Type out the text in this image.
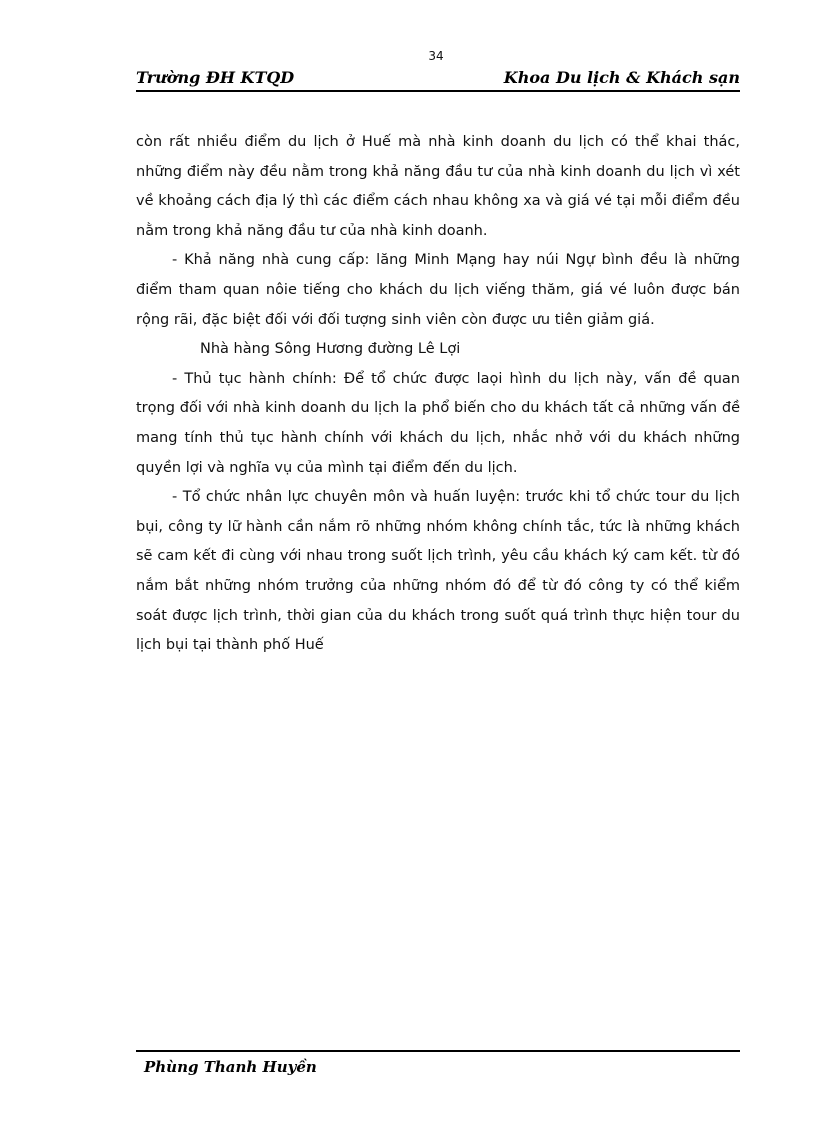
34
Trường ĐH KTQD	Khoa Du lịch & Khách sạn

còn rất nhiều điểm du lịch ở Huế mà nhà kinh doanh du lịch có thể khai thác, những điểm này đều nằm trong khả năng đầu tư của nhà kinh doanh du lịch vì xét về khoảng cách địa lý thì các điểm cách nhau không xa và giá vé tại mỗi điểm đều nằm trong khả năng đầu tư của nhà kinh doanh.

- Khả năng nhà cung cấp: lăng Minh Mạng hay núi Ngự bình đều là những điểm tham quan nôie tiếng cho khách du lịch viếng thăm, giá vé luôn được bán rộng rãi, đặc biệt đối với đối tượng sinh viên còn được ưu tiên giảm giá.

Nhà hàng Sông Hương đường Lê Lợi

- Thủ tục hành chính: Để tổ chức được laọi hình du lịch này, vấn đề quan trọng đối với nhà kinh doanh du lịch la phổ biến cho du khách tất cả những vấn đề mang tính thủ tục hành chính với khách du lịch, nhắc nhở với du khách những quyền lợi và nghĩa vụ của mình tại điểm đến du lịch.

- Tổ chức nhân lực chuyên môn và huấn luyện: trước khi tổ chức tour du lịch bụi, công ty lữ hành cần nắm rõ những nhóm không chính tắc, tức là những khách sẽ cam kết đi cùng với nhau trong suốt lịch trình, yêu cầu khách ký cam kết. từ đó nắm bắt những nhóm trưởng của những nhóm đó để từ đó công ty có thể kiểm soát được lịch trình, thời gian của du khách trong suốt quá trình thực hiện tour du lịch bụi tại thành phố Huế

Phùng Thanh Huyền
